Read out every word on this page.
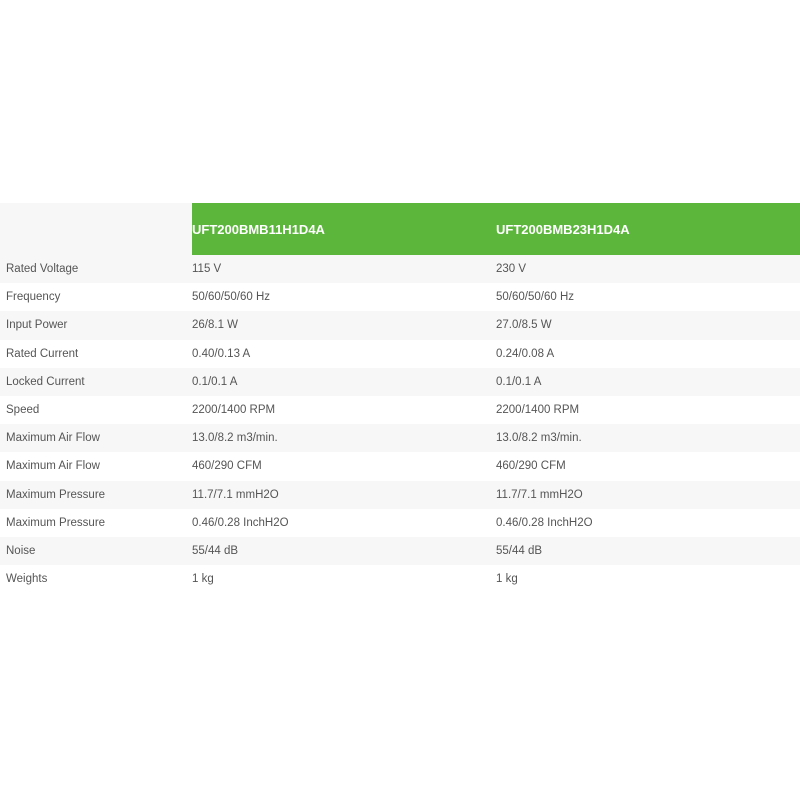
	UFT200BMB11H1D4A	UFT200BMB23H1D4A
Rated Voltage	115 V	230 V
Frequency	50/60/50/60 Hz	50/60/50/60 Hz
Input Power	26/8.1 W	27.0/8.5 W
Rated Current	0.40/0.13 A	0.24/0.08 A
Locked Current	0.1/0.1 A	0.1/0.1 A
Speed	2200/1400 RPM	2200/1400 RPM
Maximum Air Flow	13.0/8.2 m3/min.	13.0/8.2 m3/min.
Maximum Air Flow	460/290 CFM	460/290 CFM
Maximum Pressure	11.7/7.1 mmH2O	11.7/7.1 mmH2O
Maximum Pressure	0.46/0.28 InchH2O	0.46/0.28 InchH2O
Noise	55/44 dB	55/44 dB
Weights	1 kg	1 kg
